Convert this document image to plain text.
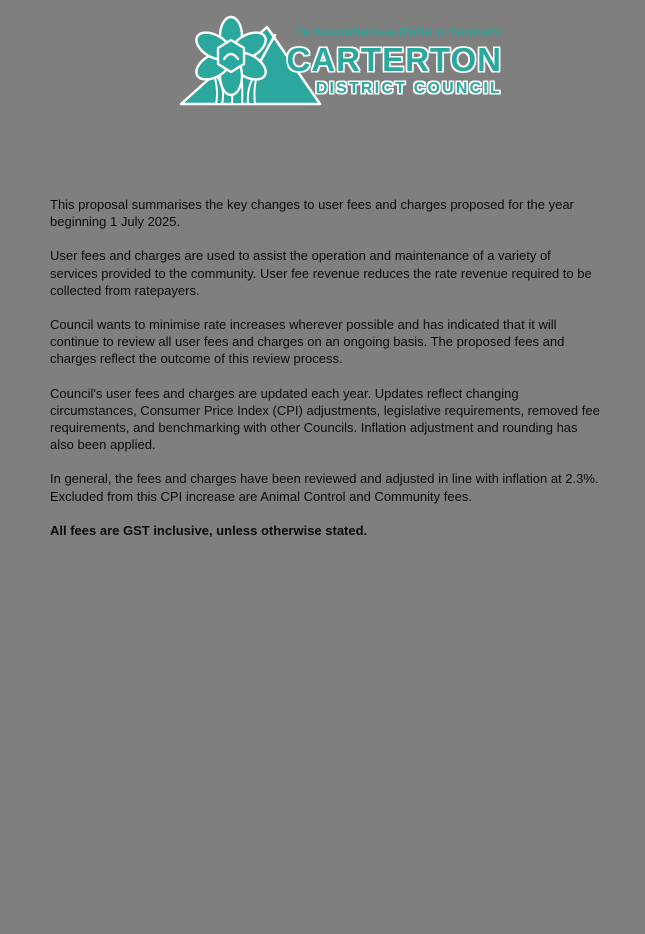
Te Kaunihera-ā-Rohe o Taratahi
CARTERTON
DISTRICT COUNCIL

This proposal summarises the key changes to user fees and charges proposed for the year beginning 1 July 2025.

User fees and charges are used to assist the operation and maintenance of a variety of services provided to the community. User fee revenue reduces the rate revenue required to be collected from ratepayers.

Council wants to minimise rate increases wherever possible and has indicated that it will continue to review all user fees and charges on an ongoing basis. The proposed fees and charges reflect the outcome of this review process.

Council's user fees and charges are updated each year. Updates reflect changing circumstances, Consumer Price Index (CPI) adjustments, legislative requirements, removed fee requirements, and benchmarking with other Councils. Inflation adjustment and rounding has also been applied.

In general, the fees and charges have been reviewed and adjusted in line with inflation at 2.3%. Excluded from this CPI increase are Animal Control and Community fees.

All fees are GST inclusive, unless otherwise stated.
